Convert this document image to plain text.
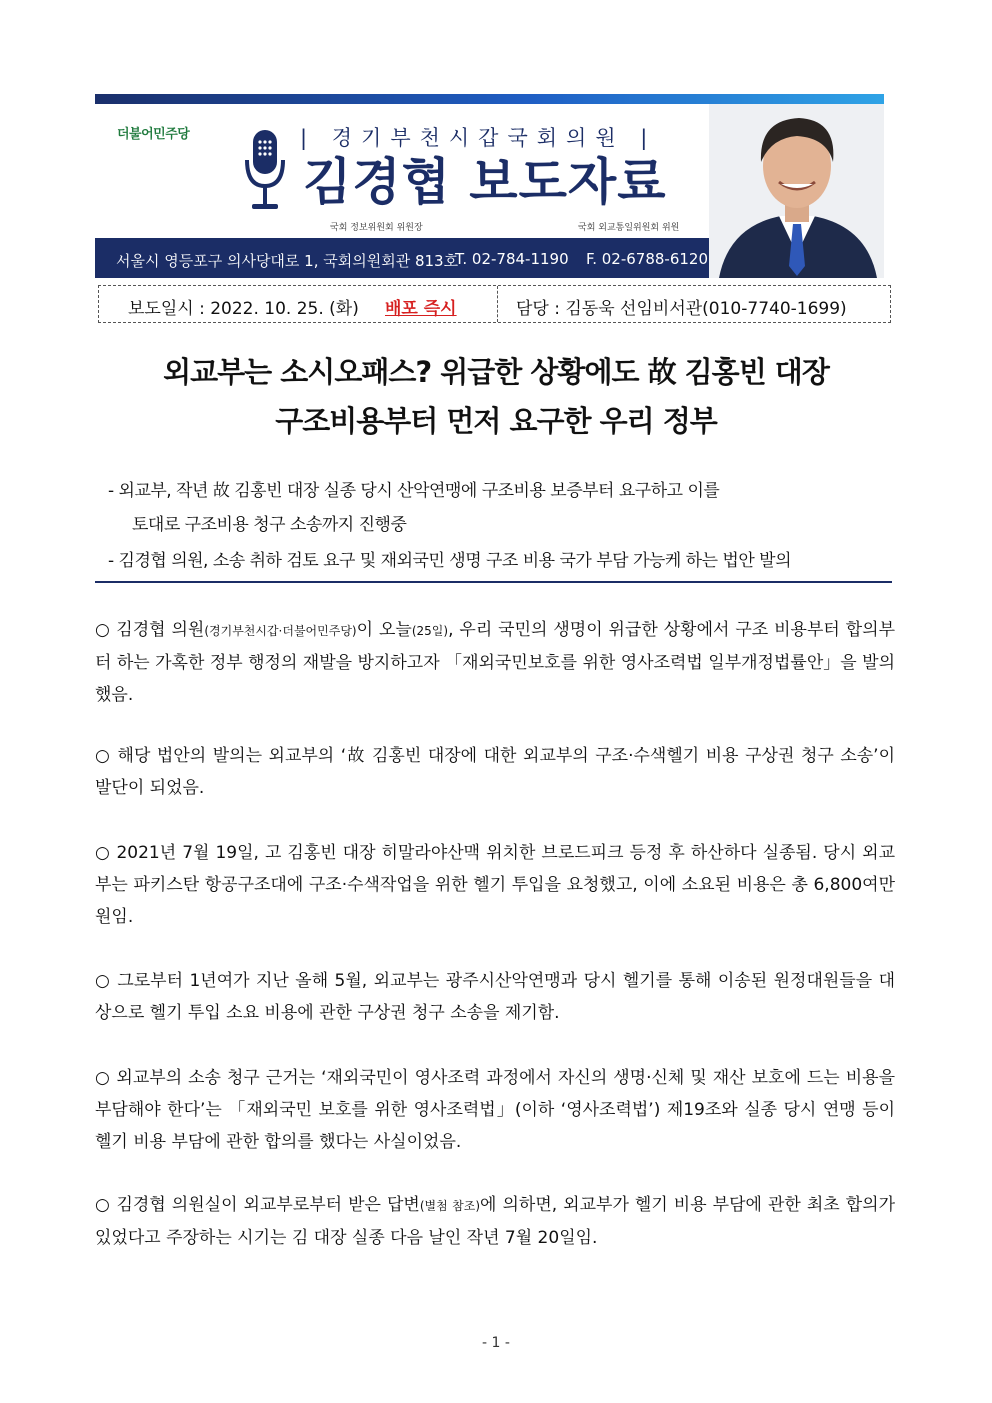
더불어민주당	| 경기부천시갑국회의원 |
김경협 보도자료
국회 정보위원회 위원장	국회 외교통일위원회 위원
서울시 영등포구 의사당대로 1, 국회의원회관 813호
T. 02-784-1190 F. 02-6788-6120
보도일시 : 2022. 10. 25. (화) 배포 즉시	담당 : 김동욱 선임비서관(010-7740-1699)
외교부는 소시오패스? 위급한 상황에도 故 김홍빈 대장
구조비용부터 먼저 요구한 우리 정부
- 외교부, 작년 故 김홍빈 대장 실종 당시 산악연맹에 구조비용 보증부터 요구하고 이를
토대로 구조비용 청구 소송까지 진행중
- 김경협 의원, 소송 취하 검토 요구 및 재외국민 생명 구조 비용 국가 부담 가능케 하는 법안 발의
○ 김경협 의원(경기부천시갑·더불어민주당)이 오늘(25일), 우리 국민의 생명이 위급한 상황에서 구조 비용부터 합의부터 하는 가혹한 정부 행정의 재발을 방지하고자 「재외국민보호를 위한 영사조력법 일부개정법률안」을 발의했음.
○ 해당 법안의 발의는 외교부의 ‘故 김홍빈 대장에 대한 외교부의 구조·수색헬기 비용 구상권 청구 소송’이 발단이 되었음.
○ 2021년 7월 19일, 고 김홍빈 대장 히말라야산맥 위치한 브로드피크 등정 후 하산하다 실종됨. 당시 외교부는 파키스탄 항공구조대에 구조·수색작업을 위한 헬기 투입을 요청했고, 이에 소요된 비용은 총 6,800여만원임.
○ 그로부터 1년여가 지난 올해 5월, 외교부는 광주시산악연맹과 당시 헬기를 통해 이송된 원정대원들을 대상으로 헬기 투입 소요 비용에 관한 구상권 청구 소송을 제기함.
○ 외교부의 소송 청구 근거는 ‘재외국민이 영사조력 과정에서 자신의 생명·신체 및 재산 보호에 드는 비용을 부담해야 한다’는 「재외국민 보호를 위한 영사조력법」(이하 ‘영사조력법’) 제19조와 실종 당시 연맹 등이 헬기 비용 부담에 관한 합의를 했다는 사실이었음.
○ 김경협 의원실이 외교부로부터 받은 답변(별첨 참조)에 의하면, 외교부가 헬기 비용 부담에 관한 최초 합의가 있었다고 주장하는 시기는 김 대장 실종 다음 날인 작년 7월 20일임.
- 1 -
